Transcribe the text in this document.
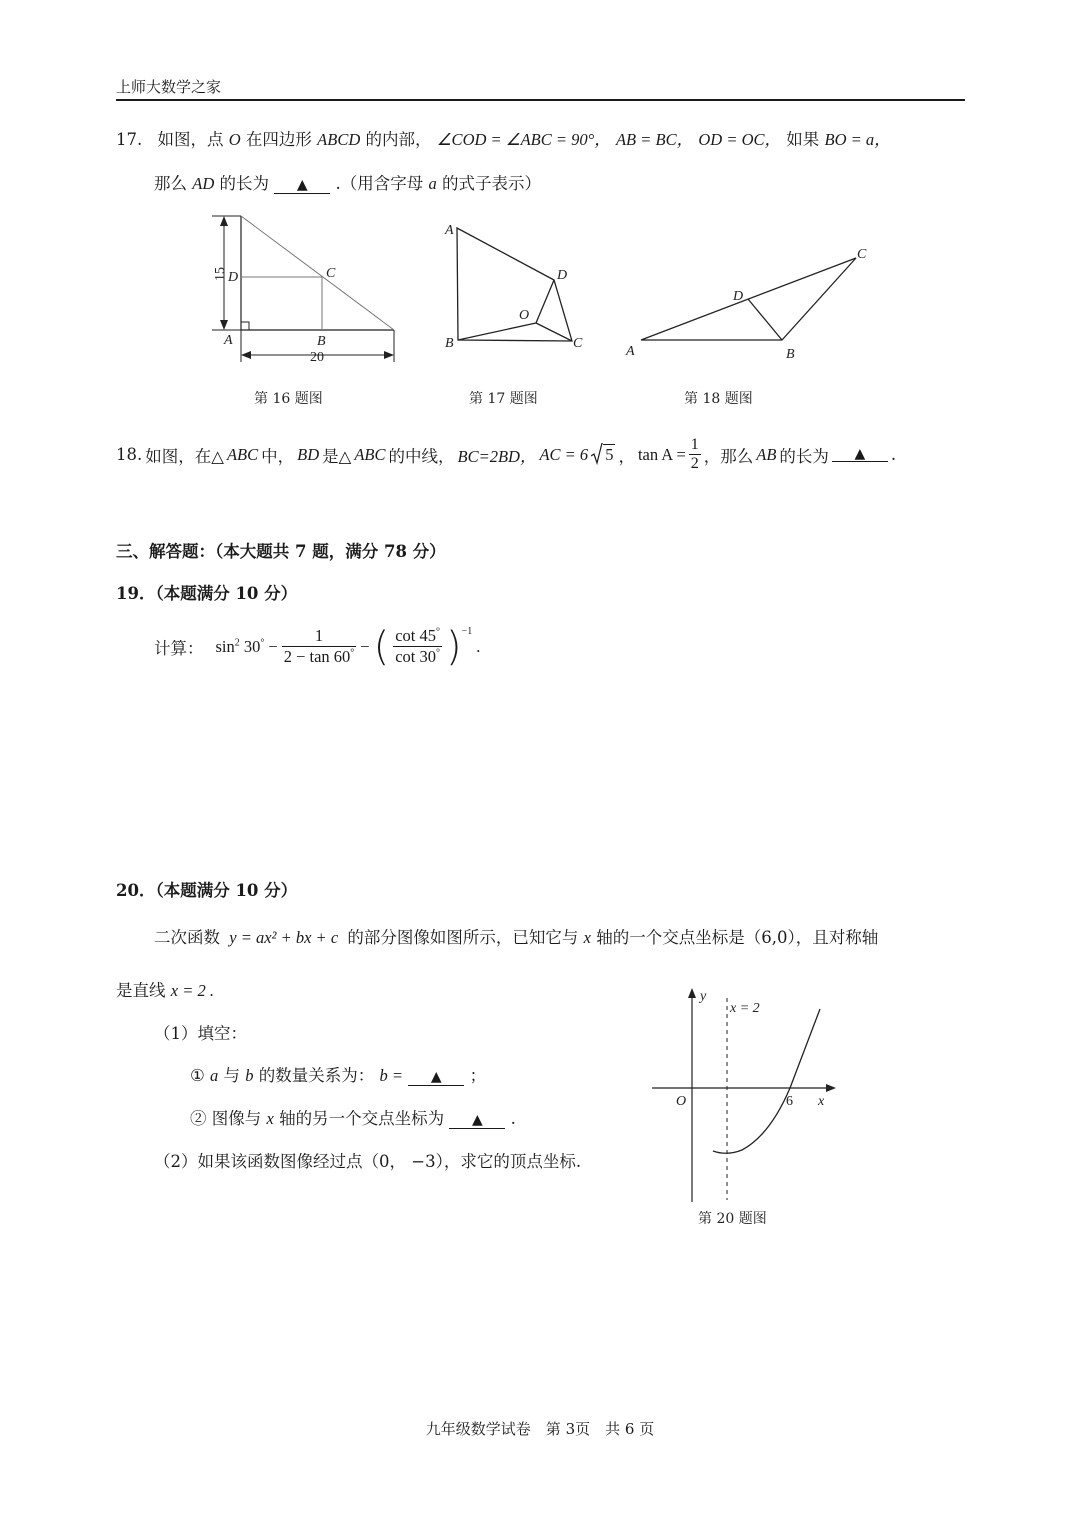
上师大数学之家
17. 如图，点 O 在四边形 ABCD 的内部， ∠COD = ∠ABC = 90°， AB = BC， OD = OC， 如果 BO = a，
那么 AD 的长为 ▲ .（用含字母 a 的式子表示）
15 D	C
A	B
20
第 16 题图
A
D
O
B	C
第 17 题图
C
D
A	B
第 18 题图
18. 如图，在△ ABC 中， BD 是△ ABC 的中线， BC=2BD， AC = 6	5 ， $\tan A = \frac{1}{2}$ ，那么 AB 的长为	▲	.
三、解答题：（本大题共 7 题，满分 78 分）
19．（本题满分 10 分）
计算： $\sin^2 30^\circ - \frac{1}{2 - \tan 60^\circ}$ − ( $\frac{\cot 45^\circ}{\cot 30^\circ}$ ) −1
.
20．（本题满分 10 分）
二次函数 y = ax² + bx + c 的部分图像如图所示，已知它与 x 轴的一个交点坐标是（6,0），且对称轴
是直线 x = 2 .
（1）填空：
① a 与 b 的数量关系为： b = ▲ ；
② 图像与 x 轴的另一个交点坐标为 ▲ .
（2）如果该函数图像经过点（0， −3），求它的顶点坐标.
y
x = 2
O	6 x
第 20 题图
九年级数学试卷　第 3页　共 6 页
